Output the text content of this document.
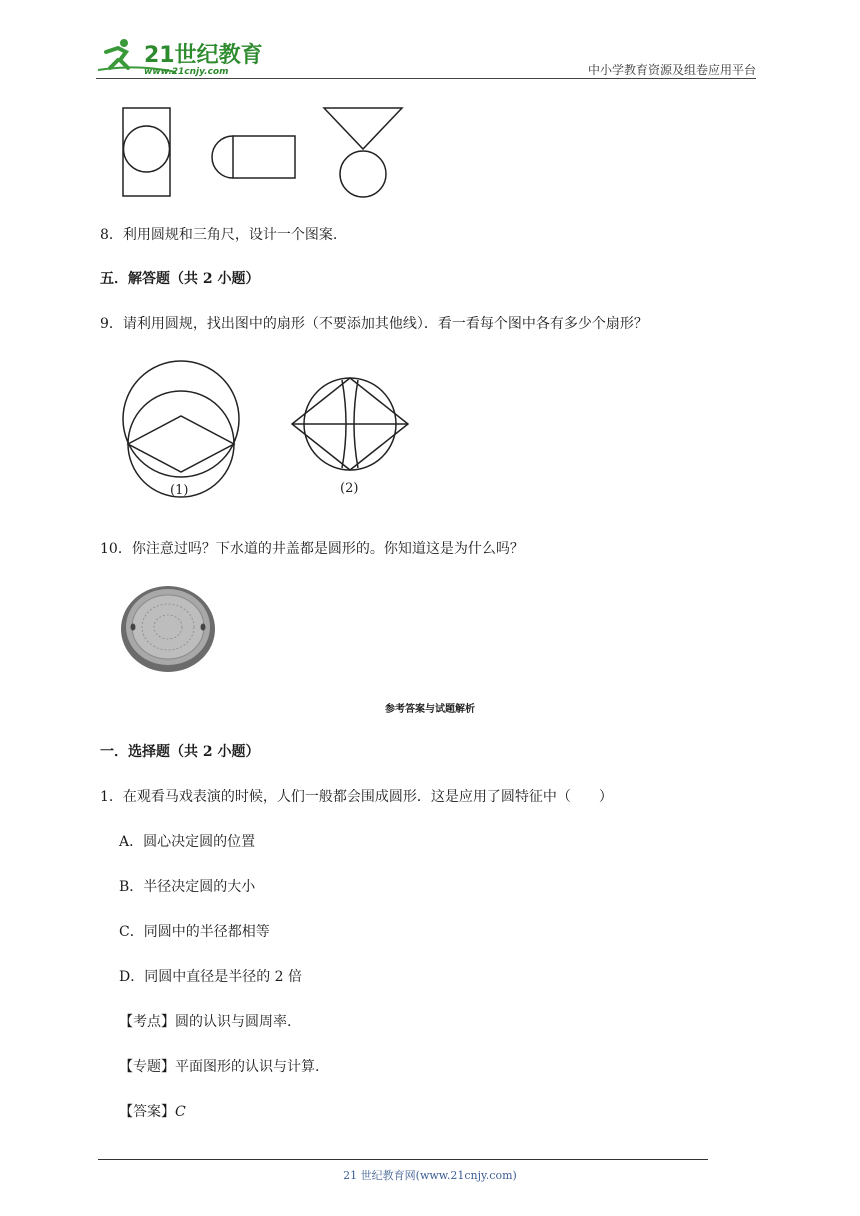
21世纪教育
www.21cnjy.com	中小学教育资源及组卷应用平台
8．利用圆规和三角尺，设计一个图案.
五．解答题（共 2 小题）
9．请利用圆规，找出图中的扇形（不要添加其他线）．看一看每个图中各有多少个扇形？
(1)	(2)
10．你注意过吗？下水道的井盖都是圆形的。你知道这是为什么吗？
参考答案与试题解析
一．选择题（共 2 小题）
1．在观看马戏表演的时候，人们一般都会围成圆形．这是应用了圆特征中（　　）
A．圆心决定圆的位置
B．半径决定圆的大小
C．同圆中的半径都相等
D．同圆中直径是半径的 2 倍
【考点】圆的认识与圆周率.
【专题】平面图形的认识与计算.
【答案】C
21 世纪教育网(www.21cnjy.com)
